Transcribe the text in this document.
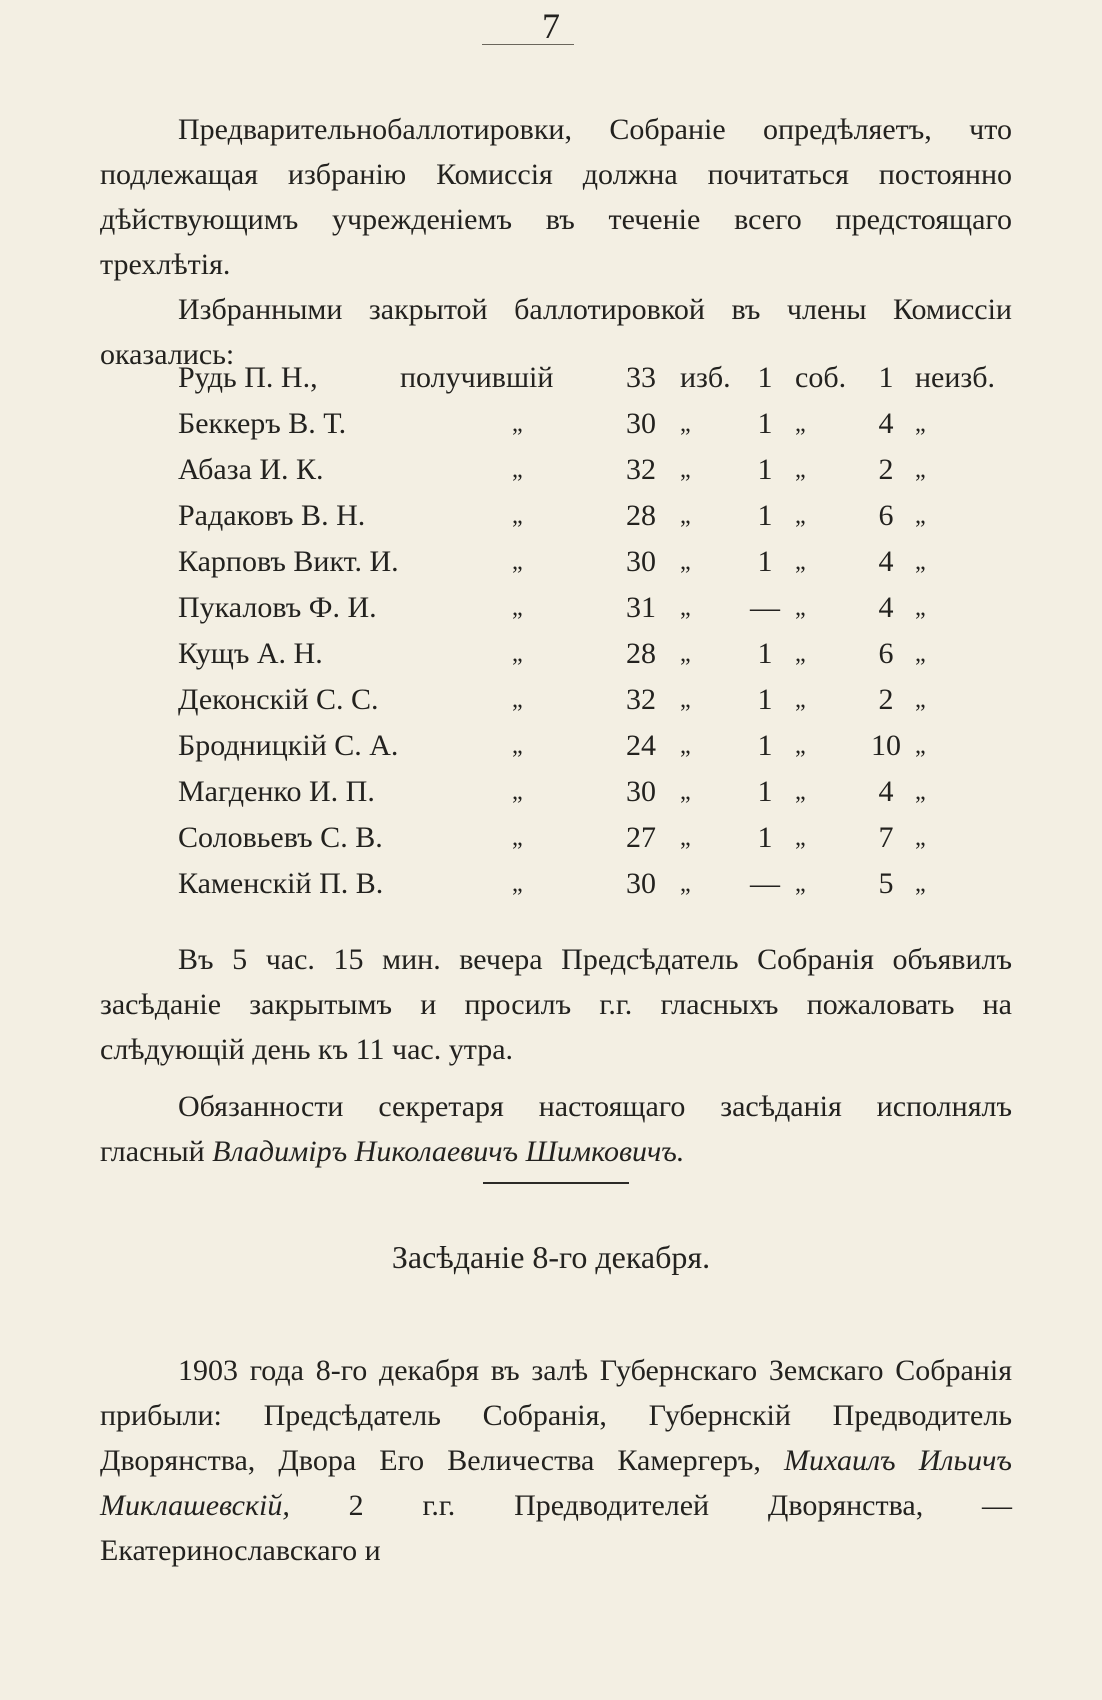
7

Предварительнобаллотировки, Собраніе опредѣляетъ, что подлежащая избранію Комиссія должна почитаться постоянно дѣйствующимъ учрежденіемъ въ теченіе всего предстоящаго трехлѣтія.

Избранными закрытой баллотировкой въ члены Комиссіи оказались:

Рудь П. Н.,	получившій	33 изб. 1 соб.	1 неизб.
Беккеръ В. Т.	„	30 „	1 „	4 „
Абаза И. К.	„	32 „	1 „	2 „
Радаковъ В. Н.	„	28 „	1 „	6 „
Карповъ Викт. И.	„	30 „	1 „	4 „
Пукаловъ Ф. И.	„	31 „	— „	4 „
Кущъ А. Н.	„	28 „	1 „	6 „
Деконскій С. С.	„	32 „	1 „	2 „
Бродницкій С. А.	„	24 „	1 „	10 „
Магденко И. П.	„	30 „	1 „	4 „
Соловьевъ С. В.	„	27 „	1 „	7 „
Каменскій П. В.	„	30 „	— „	5 „

Въ 5 час. 15 мин. вечера Предсѣдатель Собранія объявилъ засѣданіе закрытымъ и просилъ г.г. гласныхъ пожаловать на слѣдующій день къ 11 час. утра.

Обязанности секретаря настоящаго засѣданія исполнялъ гласный Владимiръ Николаевичъ Шимковичъ.

Засѣданіе 8-го декабря.

1903 года 8-го декабря въ залѣ Губернскаго Земскаго Собранія прибыли: Предсѣдатель Собранія, Губернскій Предводитель Дворянства, Двора Его Величества Камергеръ, Михаилъ Ильичъ Миклашевскій, 2 г.г. Предводителей Дворянства, — Екатеринославскаго и
